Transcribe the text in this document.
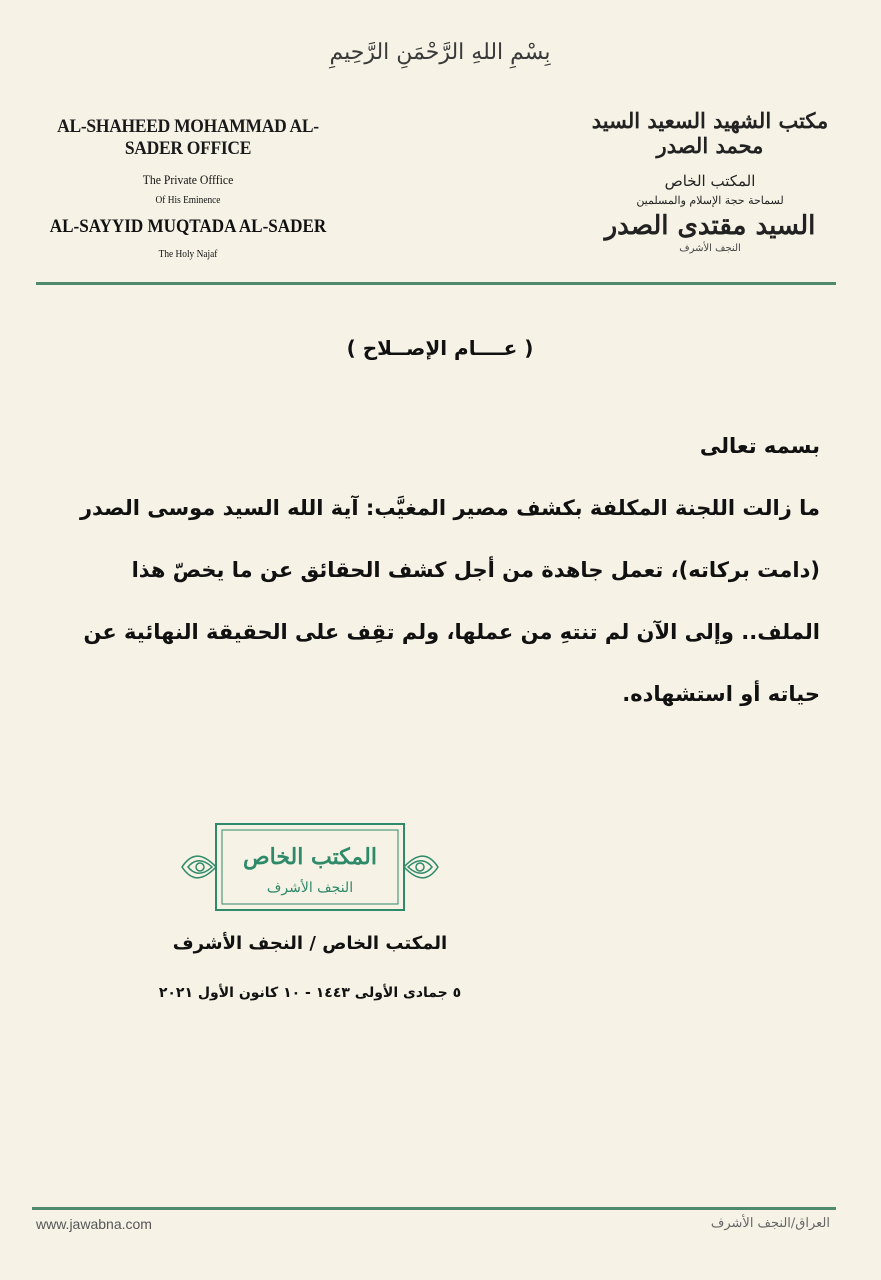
بِسْمِ اللهِ الرَّحْمَنِ الرَّحِيمِ
AL-SHAHEED MOHAMMAD AL-SADER OFFICE
The Private Offfice
Of His Eminence
AL-SAYYID MUQTADA AL-SADER
The Holy Najaf
مكتب الشهيد السعيد السيد محمد الصدر
المكتب الخاص
لسماحة حجة الإسلام والمسلمين
السيد مقتدى الصدر
النجف الأشرف
( عــــام الإصــلاح )

بسمه تعالى

ما زالت اللجنة المكلفة بكشف مصير المغيَّب: آية الله السيد موسى الصدر (دامت بركاته)، تعمل جاهدة من أجل كشف الحقائق عن ما يخصّ هذا الملف.. وإلى الآن لم تنتهِ من عملها، ولم تقِف على الحقيقة النهائية عن حياته أو استشهاده.

المكتب الخاص
النجف الأشرف
المكتب الخاص / النجف الأشرف
٥ جمادى الأولى ١٤٤٣ - ١٠ كانون الأول ٢٠٢١
www.jawabna.com	العراق/النجف الأشرف
